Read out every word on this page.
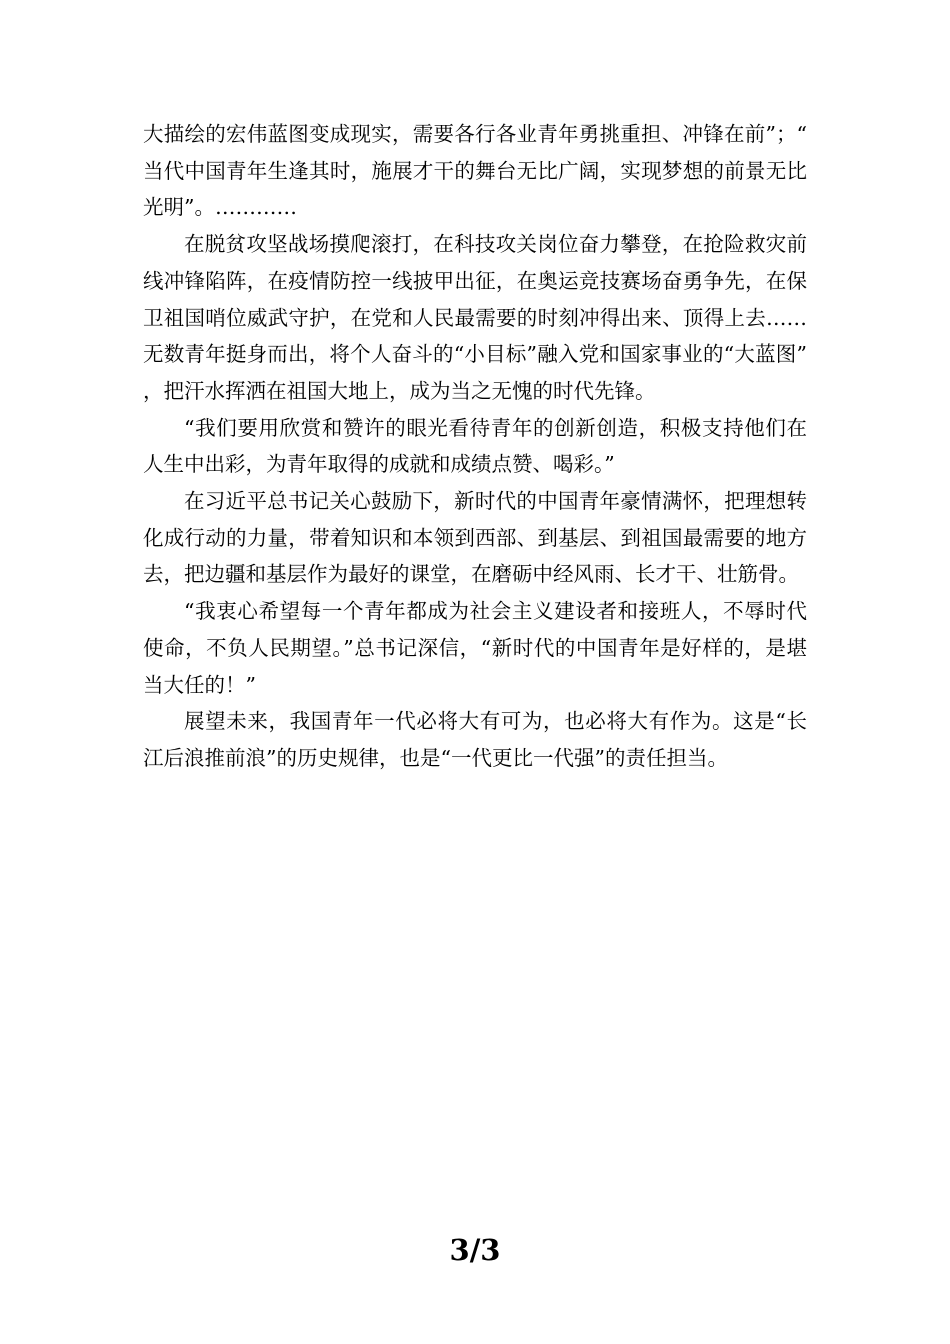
大描绘的宏伟蓝图变成现实，需要各行各业青年勇挑重担、冲锋在前”；“当代中国青年生逢其时，施展才干的舞台无比广阔，实现梦想的前景无比光明”。…………

在脱贫攻坚战场摸爬滚打，在科技攻关岗位奋力攀登，在抢险救灾前线冲锋陷阵，在疫情防控一线披甲出征，在奥运竞技赛场奋勇争先，在保卫祖国哨位威武守护，在党和人民最需要的时刻冲得出来、顶得上去……无数青年挺身而出，将个人奋斗的“小目标”融入党和国家事业的“大蓝图”，把汗水挥洒在祖国大地上，成为当之无愧的时代先锋。

“我们要用欣赏和赞许的眼光看待青年的创新创造，积极支持他们在人生中出彩，为青年取得的成就和成绩点赞、喝彩。”

在习近平总书记关心鼓励下，新时代的中国青年豪情满怀，把理想转化成行动的力量，带着知识和本领到西部、到基层、到祖国最需要的地方去，把边疆和基层作为最好的课堂，在磨砺中经风雨、长才干、壮筋骨。

“我衷心希望每一个青年都成为社会主义建设者和接班人，不辱时代使命，不负人民期望。”总书记深信，“新时代的中国青年是好样的，是堪当大任的！”

展望未来，我国青年一代必将大有可为，也必将大有作为。这是“长江后浪推前浪”的历史规律，也是“一代更比一代强”的责任担当。

3/3
